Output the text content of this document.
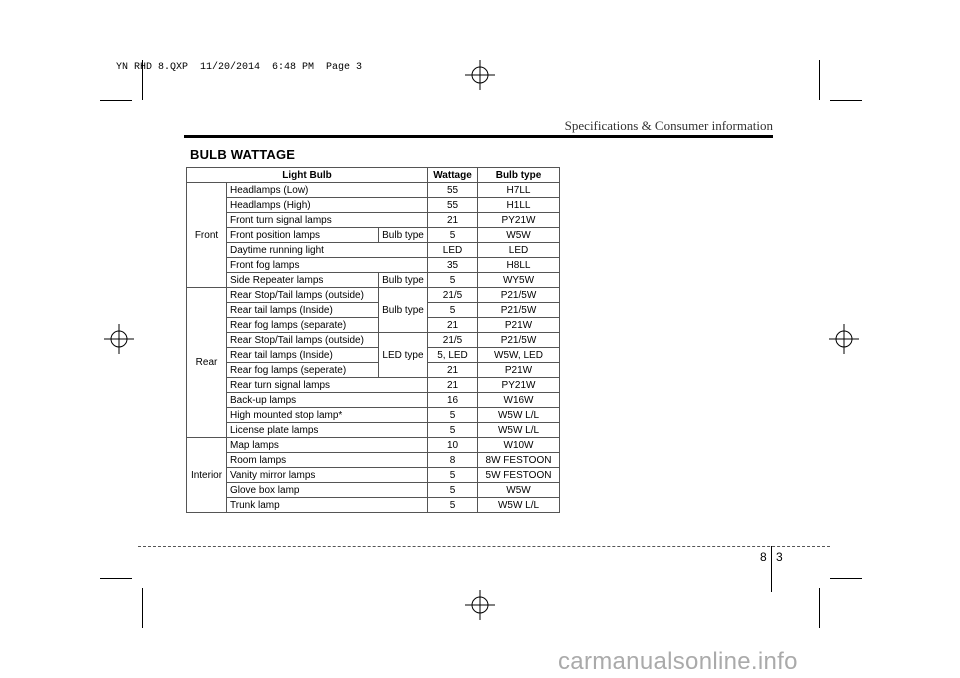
YN RHD 8.QXP  11/20/2014  6:48 PM  Page 3
Specifications & Consumer information
BULB WATTAGE
Light Bulb			Wattage	Bulb type
Front	Headlamps (Low)		55	H7LL
	Headlamps (High)		55	H1LL
	Front turn signal lamps		21	PY21W
	Front position lamps	Bulb type	5	W5W
	Daytime running light		LED	LED
	Front fog lamps		35	H8LL
	Side Repeater lamps	Bulb type	5	WY5W
Rear	Rear Stop/Tail lamps (outside)	Bulb type	21/5	P21/5W
	Rear tail lamps (Inside)		5	P21/5W
	Rear fog lamps (separate)		21	P21W
	Rear Stop/Tail lamps (outside)	LED type	21/5	P21/5W
	Rear tail lamps (Inside)		5, LED	W5W, LED
	Rear fog lamps (seperate)		21	P21W
	Rear turn signal lamps		21	PY21W
	Back-up lamps		16	W16W
	High mounted stop lamp*		5	W5W L/L
	License plate lamps		5	W5W L/L
Interior	Map lamps		10	W10W
	Room lamps		8	8W FESTOON
	Vanity mirror lamps		5	5W FESTOON
	Glove box lamp		5	W5W
	Trunk lamp		5	W5W L/L
8 3
carmanualsonline.info
